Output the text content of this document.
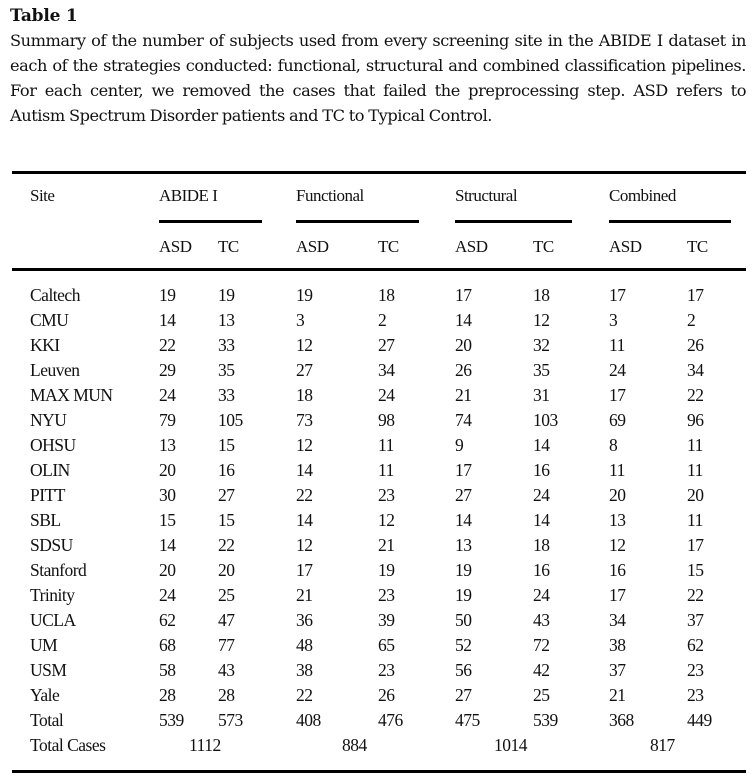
Table 1
Summary of the number of subjects used from every screening site in the ABIDE I dataset in each of the strategies conducted: functional, structural and combined classification pipelines. For each center, we removed the cases that failed the preprocessing step. ASD refers to Autism Spectrum Disorder patients and TC to Typical Control.
Site	ABIDE I	Functional	Structural	Combined
ASD TC	ASD	TC	ASD	TC	ASD	TC
Caltech	19 19	19	18	17	18	17	17
CMU	14 13	3	2	14	12	3	2
KKI	22 33	12	27	20	32	11	26
Leuven	29 35	27	34	26	35	24	34
MAX MUN	24 33	18	24	21	31	17	22
NYU	79 105	73	98	74	103	69	96
OHSU	13 15	12	11	9	14	8	11
OLIN	20 16	14	11	17	16	11	11
PITT	30 27	22	23	27	24	20	20
SBL	15 15	14	12	14	14	13	11
SDSU	14 22	12	21	13	18	12	17
Stanford	20 20	17	19	19	16	16	15
Trinity	24 25	21	23	19	24	17	22
UCLA	62 47	36	39	50	43	34	37
UM	68 77	48	65	52	72	38	62
USM	58 43	38	23	56	42	37	23
Yale	28 28	22	26	27	25	21	23
Total	539 573	408	476	475	539	368	449
Total Cases	1112	884	1014	817
